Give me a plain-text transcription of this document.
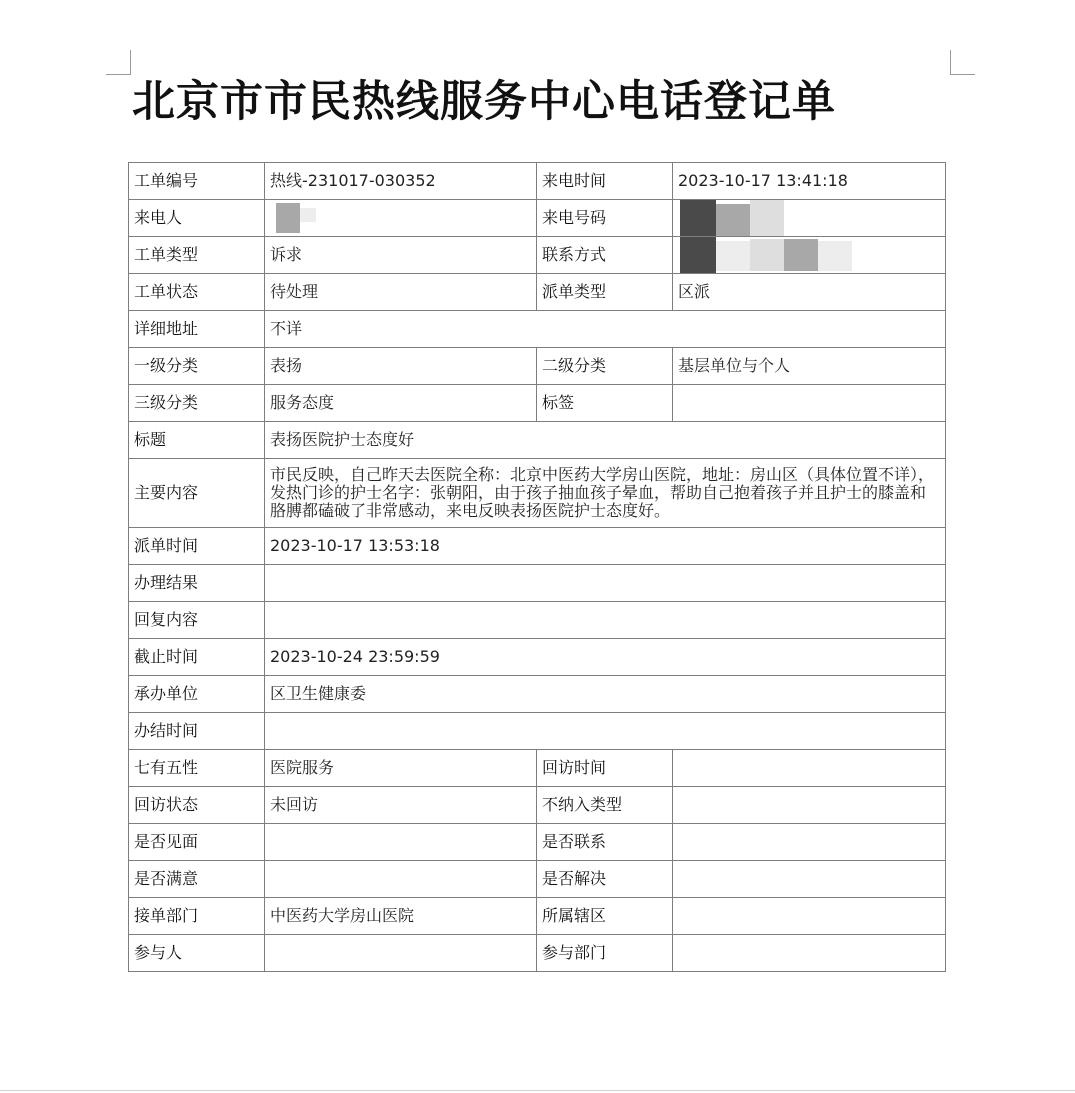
北京市市民热线服务中心电话登记单
工单编号	热线-231017-030352	来电时间	2023-10-17 13:41:18
来电人		来电号码	

工单类型	诉求	联系方式	

工单状态	待处理	派单类型	区派
详细地址	不详		
一级分类	表扬	二级分类	基层单位与个人
三级分类	服务态度	标签	
标题	表扬医院护士态度好		
主要内容	市民反映，自己昨天去医院全称：北京中医药大学房山医院，地址：房山区（具体位置不详），发热门诊的护士名字：张朝阳，由于孩子抽血孩子晕血，帮助自己抱着孩子并且护士的膝盖和胳膊都磕破了非常感动，来电反映表扬医院护士态度好。		
派单时间	2023-10-17 13:53:18		
办理结果			
回复内容			
截止时间	2023-10-24 23:59:59		
承办单位	区卫生健康委		
办结时间			
七有五性	医院服务	回访时间	
回访状态	未回访	不纳入类型	
是否见面		是否联系	
是否满意		是否解决	
接单部门	中医药大学房山医院	所属辖区	
参与人		参与部门	
